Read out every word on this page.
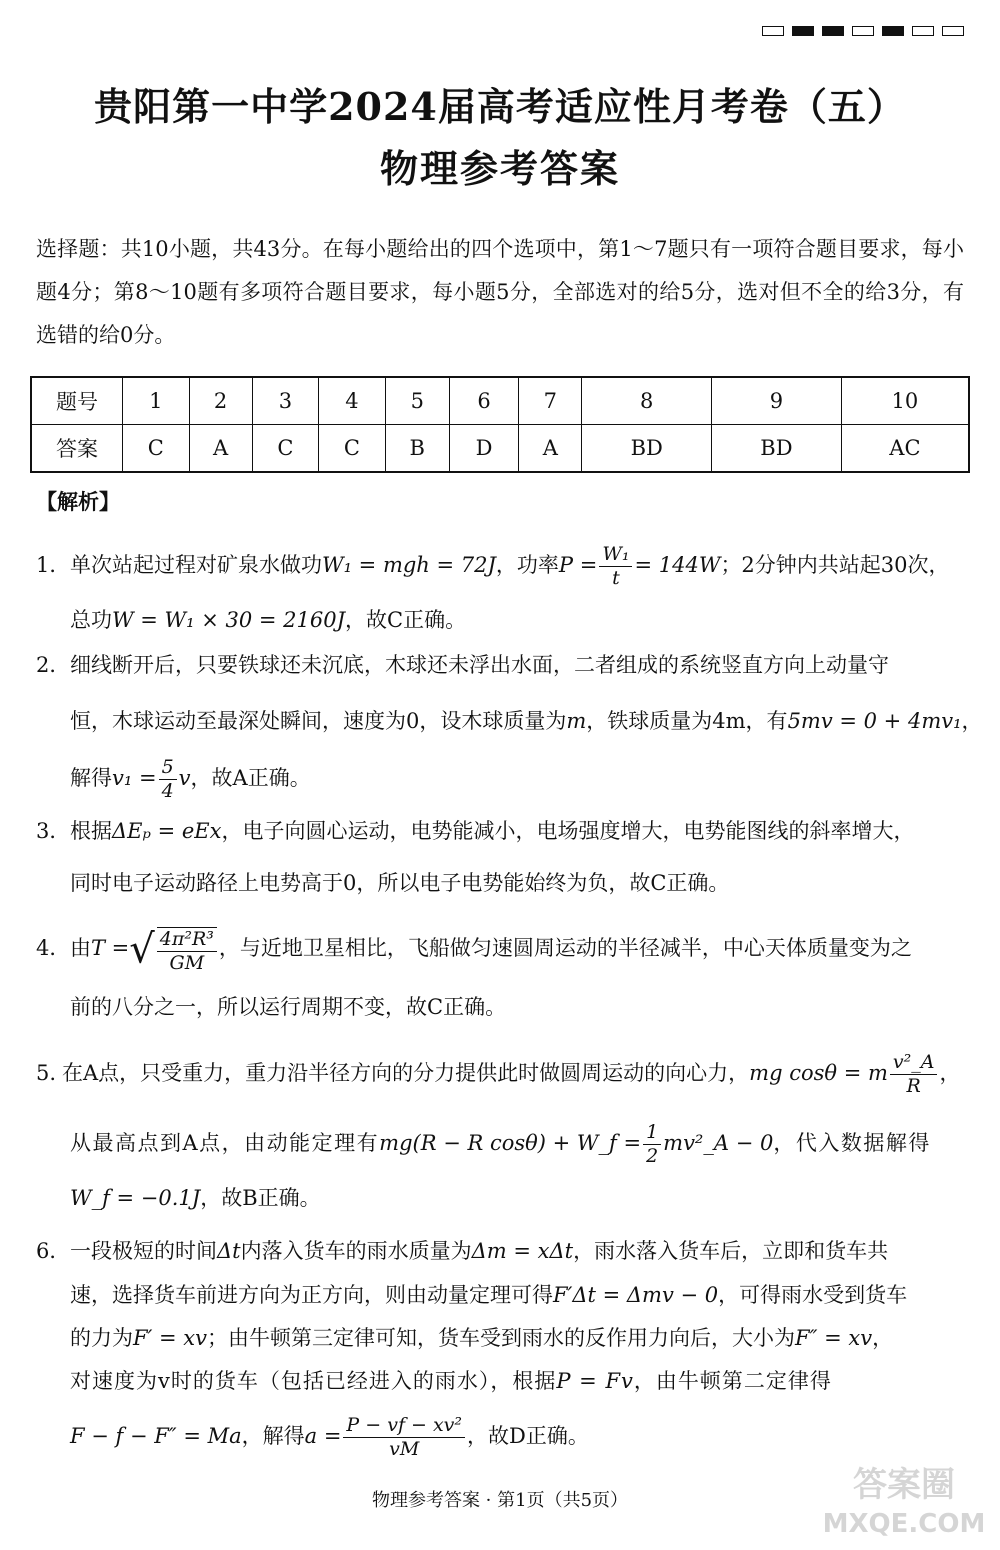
贵阳第一中学2024届高考适应性月考卷（五）
物理参考答案

选择题：共10小题，共43分。在每小题给出的四个选项中，第1～7题只有一项符合题目要求，每小题4分；第8～10题有多项符合题目要求，每小题5分，全部选对的给5分，选对但不全的给3分，有选错的给0分。

题号	1	2	3	4	5	6	7	8	9	10
答案	C	A	C	C	B	D	A	BD	BD	AC

【解析】

1．单次站起过程对矿泉水做功W₁ = mgh = 72J，功率$P = \frac{\text{W₁}}{t} = 144W$；2分钟内共站起30次，
总功W = W₁ × 30 = 2160J，故C正确。
2．细线断开后，只要铁球还未沉底，木球还未浮出水面，二者组成的系统竖直方向上动量守
恒，木球运动至最深处瞬间，速度为0，设木球质量为m，铁球质量为4m，有5mv = 0 + 4mv₁，
解得$v_1 = \frac{5}{4}$ v，故A正确。
3．根据ΔEₚ = eEx，电子向圆心运动，电势能减小，电场强度增大，电势能图线的斜率增大，
同时电子运动路径上电势高于0，所以电子电势能始终为负，故C正确。
4．由T =√ $\frac{\text{4π²R³}}{GM}$ ，与近地卫星相比，飞船做匀速圆周运动的半径减半，中心天体质量变为之
前的八分之一，所以运行周期不变，故C正确。
5. 在A点，只受重力，重力沿半径方向的分力提供此时做圆周运动的向心力，mg cosθ = m $\frac{\text{v²\_A}}{R}$ ，
从最高点到A点，由动能定理有mg(R − R cosθ) + W_f = $\frac{1}{2}$ mv²_A − 0，代入数据解得
W_f = −0.1J，故B正确。
6．一段极短的时间Δt内落入货车的雨水质量为Δm = xΔt，雨水落入货车后，立即和货车共
速，选择货车前进方向为正方向，则由动量定理可得F′Δt = Δmv − 0，可得雨水受到货车
的力为F′ = xv；由牛顿第三定律可知，货车受到雨水的反作用力向后，大小为F″ = xv，
对速度为v时的货车（包括已经进入的雨水），根据P = Fv，由牛顿第二定律得
F − f − F″ = Ma，解得$a = \frac{\text{P − vf − xv²}}{vM}$ ，故D正确。

物理参考答案 · 第1页（共5页）	答案圈
MXQE.COM
